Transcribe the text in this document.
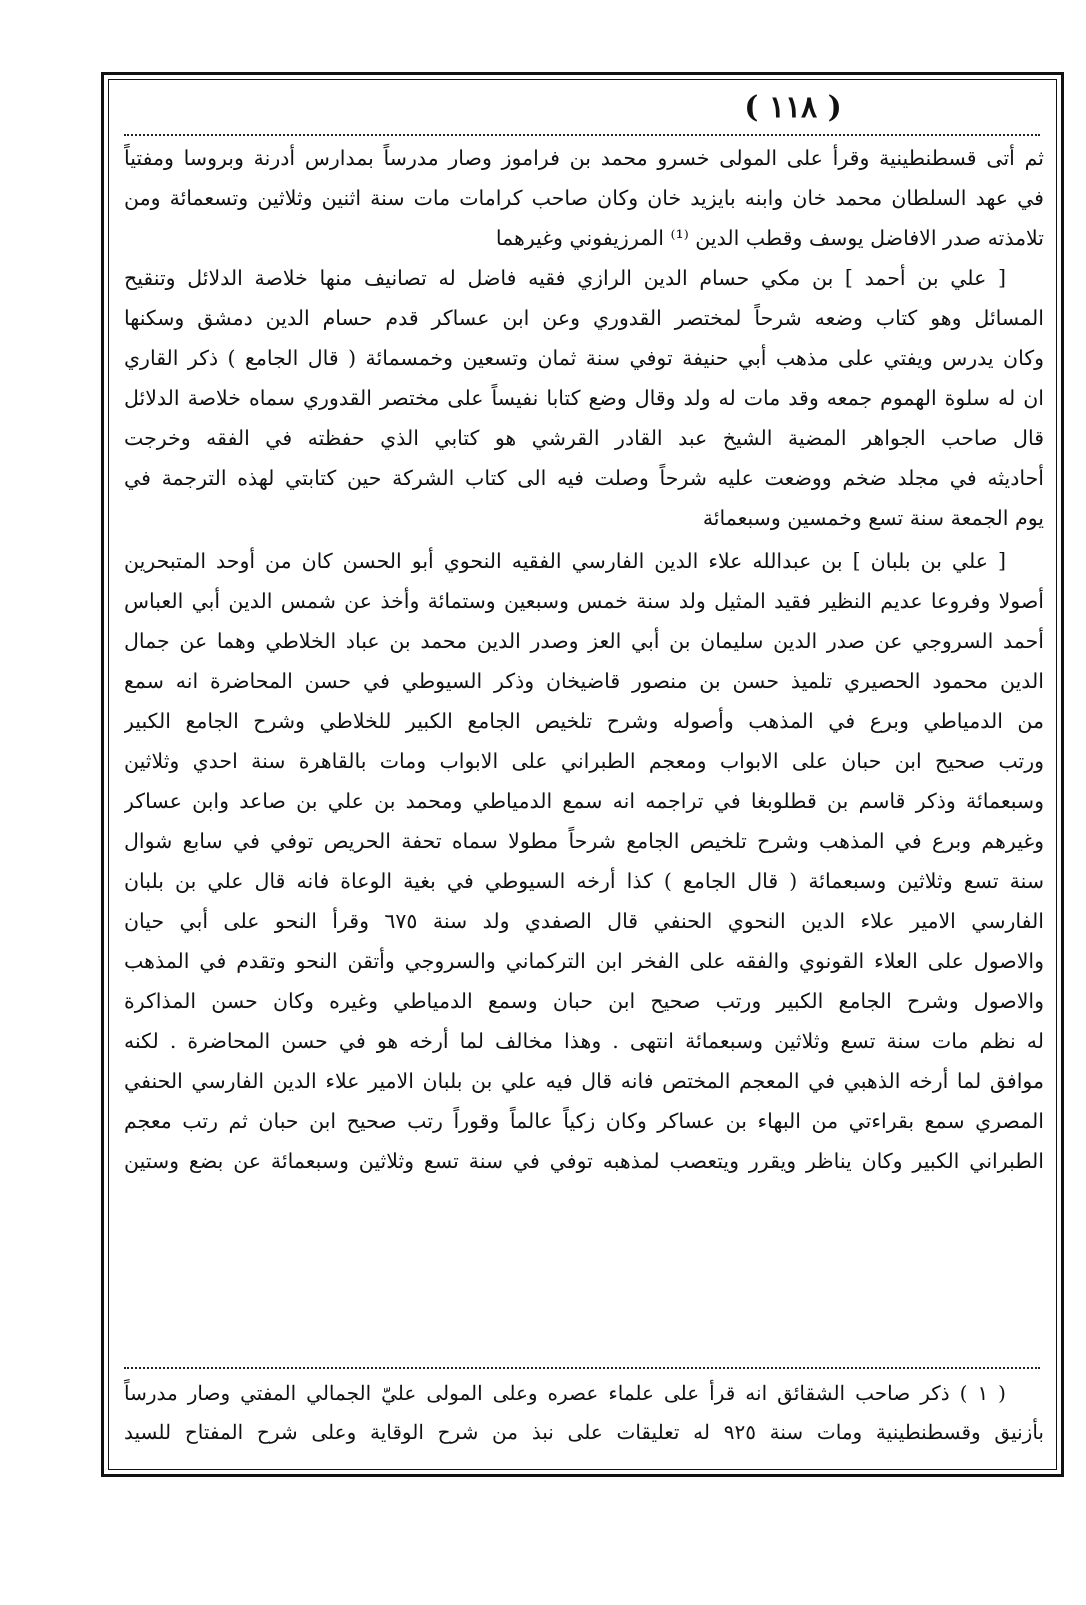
( ١١٨ )
ثم أتى قسطنطينية وقرأ على المولى خسرو محمد بن فراموز وصار مدرساً بمدارس أدرنة وبروسا ومفتياً
في عهد السلطان محمد خان وابنه بايزيد خان وكان صاحب كرامات مات سنة اثنين وثلاثين وتسعمائة ومن
تلامذته صدر الافاضل يوسف وقطب الدين ⁽¹⁾ المرزيفوني وغيرهما
[ علي بن أحمد ] بن مكي حسام الدين الرازي فقيه فاضل له تصانيف منها خلاصة الدلائل وتنقيح
المسائل وهو كتاب وضعه شرحاً لمختصر القدوري وعن ابن عساكر قدم حسام الدين دمشق وسكنها
وكان يدرس ويفتي على مذهب أبي حنيفة توفي سنة ثمان وتسعين وخمسمائة ( قال الجامع ) ذكر القاري
ان له سلوة الهموم جمعه وقد مات له ولد وقال وضع كتابا نفيساً على مختصر القدوري سماه خلاصة الدلائل
قال صاحب الجواهر المضية الشيخ عبد القادر القرشي هو كتابي الذي حفظته في الفقه وخرجت
أحاديثه في مجلد ضخم ووضعت عليه شرحاً وصلت فيه الى كتاب الشركة حين كتابتي لهذه الترجمة في
يوم الجمعة سنة تسع وخمسين وسبعمائة
[ علي بن بلبان ] بن عبدالله علاء الدين الفارسي الفقيه النحوي أبو الحسن كان من أوحد المتبحرين
أصولا وفروعا عديم النظير فقيد المثيل ولد سنة خمس وسبعين وستمائة وأخذ عن شمس الدين أبي العباس
أحمد السروجي عن صدر الدين سليمان بن أبي العز وصدر الدين محمد بن عباد الخلاطي وهما عن جمال
الدين محمود الحصيري تلميذ حسن بن منصور قاضيخان وذكر السيوطي في حسن المحاضرة انه سمع
من الدمياطي وبرع في المذهب وأصوله وشرح تلخيص الجامع الكبير للخلاطي وشرح الجامع الكبير
ورتب صحيح ابن حبان على الابواب ومعجم الطبراني على الابواب ومات بالقاهرة سنة احدي وثلاثين
وسبعمائة وذكر قاسم بن قطلوبغا في تراجمه انه سمع الدمياطي ومحمد بن علي بن صاعد وابن عساكر
وغيرهم وبرع في المذهب وشرح تلخيص الجامع شرحاً مطولا سماه تحفة الحريص توفي في سابع شوال
سنة تسع وثلاثين وسبعمائة ( قال الجامع ) كذا أرخه السيوطي في بغية الوعاة فانه قال علي بن بلبان
الفارسي الامير علاء الدين النحوي الحنفي قال الصفدي ولد سنة ٦٧٥ وقرأ النحو على أبي حيان
والاصول على العلاء القونوي والفقه على الفخر ابن التركماني والسروجي وأتقن النحو وتقدم في المذهب
والاصول وشرح الجامع الكبير ورتب صحيح ابن حبان وسمع الدمياطي وغيره وكان حسن المذاكرة
له نظم مات سنة تسع وثلاثين وسبعمائة انتهى . وهذا مخالف لما أرخه هو في حسن المحاضرة . لكنه
موافق لما أرخه الذهبي في المعجم المختص فانه قال فيه علي بن بلبان الامير علاء الدين الفارسي الحنفي
المصري سمع بقراءتي من البهاء بن عساكر وكان زكياً عالماً وقوراً رتب صحيح ابن حبان ثم رتب معجم
الطبراني الكبير وكان يناظر ويقرر ويتعصب لمذهبه توفي في سنة تسع وثلاثين وسبعمائة عن بضع وستين
( ١ ) ذكر صاحب الشقائق انه قرأ على علماء عصره وعلى المولى عليّ الجمالي المفتي وصار مدرساً
بأزنيق وقسطنطينية ومات سنة ٩٢٥ له تعليقات على نبذ من شرح الوقاية وعلى شرح المفتاح للسيد
